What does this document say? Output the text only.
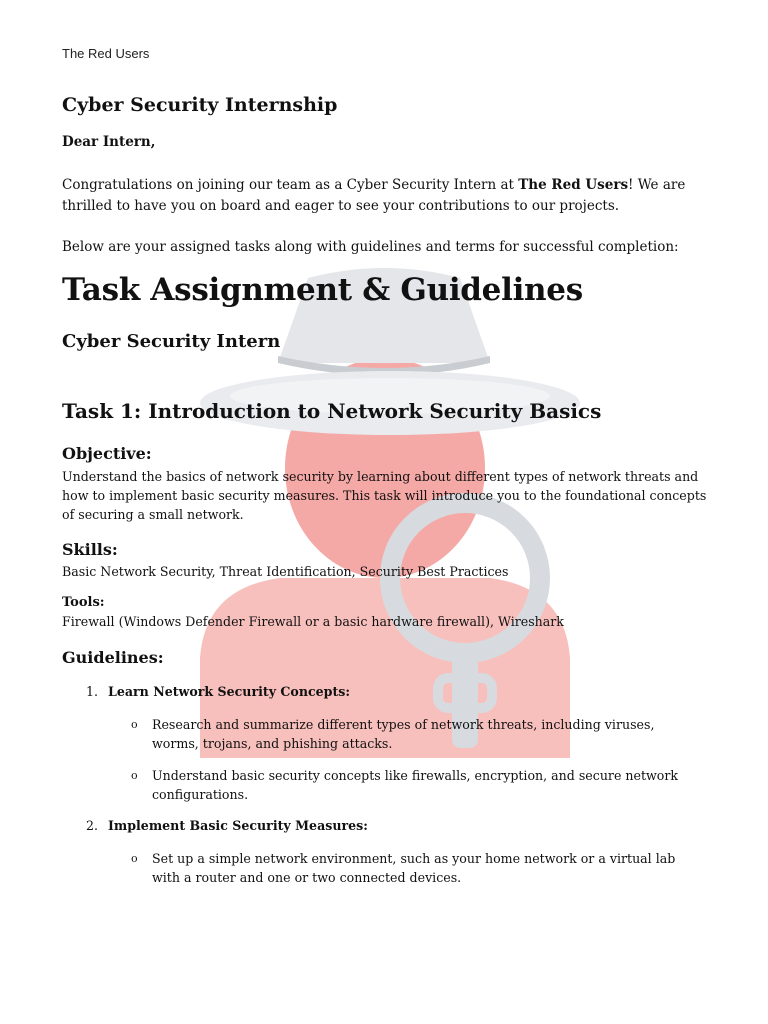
The Red Users
Cyber Security Internship
Dear Intern,
Congratulations on joining our team as a Cyber Security Intern at The Red Users! We are thrilled to have you on board and eager to see your contributions to our projects.
Below are your assigned tasks along with guidelines and terms for successful completion:
Task Assignment & Guidelines
Cyber Security Intern
Task 1: Introduction to Network Security Basics
Objective:
Understand the basics of network security by learning about different types of network threats and how to implement basic security measures. This task will introduce you to the foundational concepts of securing a small network.
Skills:
Basic Network Security, Threat Identification, Security Best Practices
Tools:
Firewall (Windows Defender Firewall or a basic hardware firewall), Wireshark
Guidelines:
1. Learn Network Security Concepts:
o Research and summarize different types of network threats, including viruses, worms, trojans, and phishing attacks.
o Understand basic security concepts like firewalls, encryption, and secure network configurations.
2. Implement Basic Security Measures:
o Set up a simple network environment, such as your home network or a virtual lab with a router and one or two connected devices.
